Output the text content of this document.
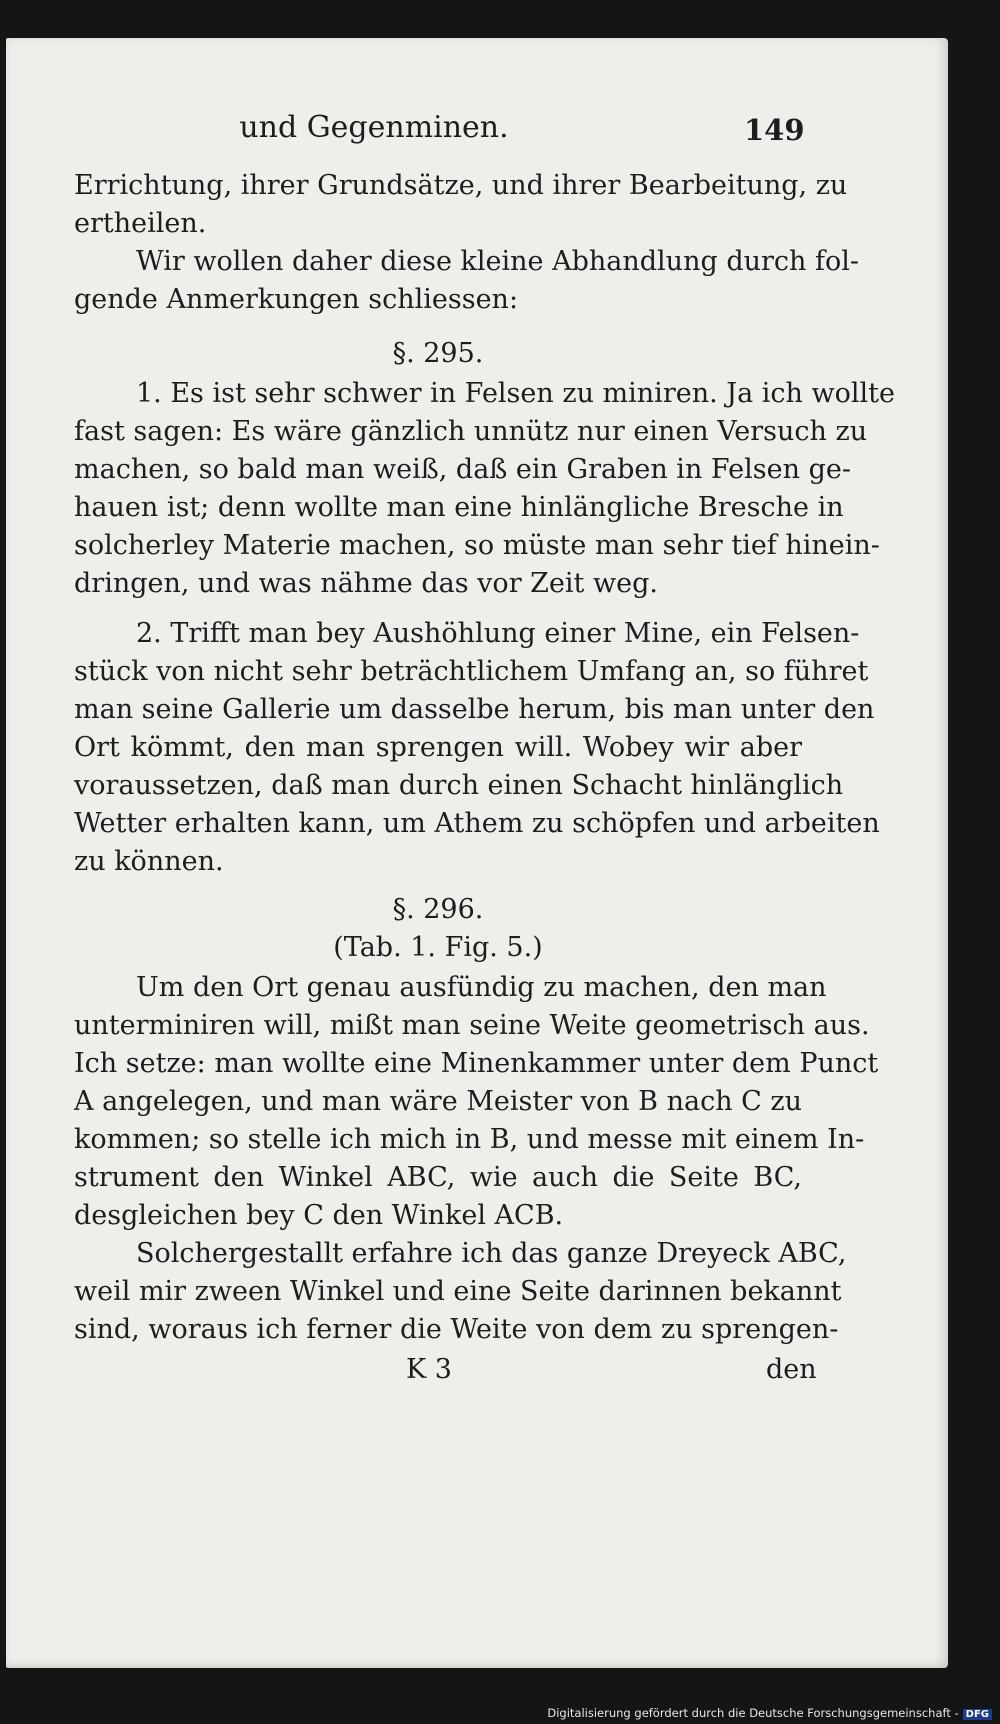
und Gegenminen.	149
Errichtung, ihrer Grundsätze, und ihrer Bearbeitung, zu
ertheilen.
Wir wollen daher diese kleine Abhandlung durch fol-
gende Anmerkungen schliessen:
§. 295.
1. Es ist sehr schwer in Felsen zu miniren. Ja ich wollte
fast sagen: Es wäre gänzlich unnütz nur einen Versuch zu
machen, so bald man weiß, daß ein Graben in Felsen ge-
hauen ist; denn wollte man eine hinlängliche Bresche in
solcherley Materie machen, so müste man sehr tief hinein-
dringen, und was nähme das vor Zeit weg.
2. Trifft man bey Aushöhlung einer Mine, ein Felsen-
stück von nicht sehr beträchtlichem Umfang an, so führet
man seine Gallerie um dasselbe herum, bis man unter den
Ort kömmt, den man sprengen will. Wobey wir aber
voraussetzen, daß man durch einen Schacht hinlänglich
Wetter erhalten kann, um Athem zu schöpfen und arbeiten
zu können.
§. 296.
(Tab. 1. Fig. 5.)
Um den Ort genau ausfündig zu machen, den man
unterminiren will, mißt man seine Weite geometrisch aus.
Ich setze: man wollte eine Minenkammer unter dem Punct
A angelegen, und man wäre Meister von B nach C zu
kommen; so stelle ich mich in B, und messe mit einem In-
strument den Winkel ABC, wie auch die Seite BC,
desgleichen bey C den Winkel ACB.
Solchergestallt erfahre ich das ganze Dreyeck ABC,
weil mir zween Winkel und eine Seite darinnen bekannt
sind, woraus ich ferner die Weite von dem zu sprengen-
K 3	den
Digitalisierung gefördert durch die Deutsche Forschungsgemeinschaft - DFG
